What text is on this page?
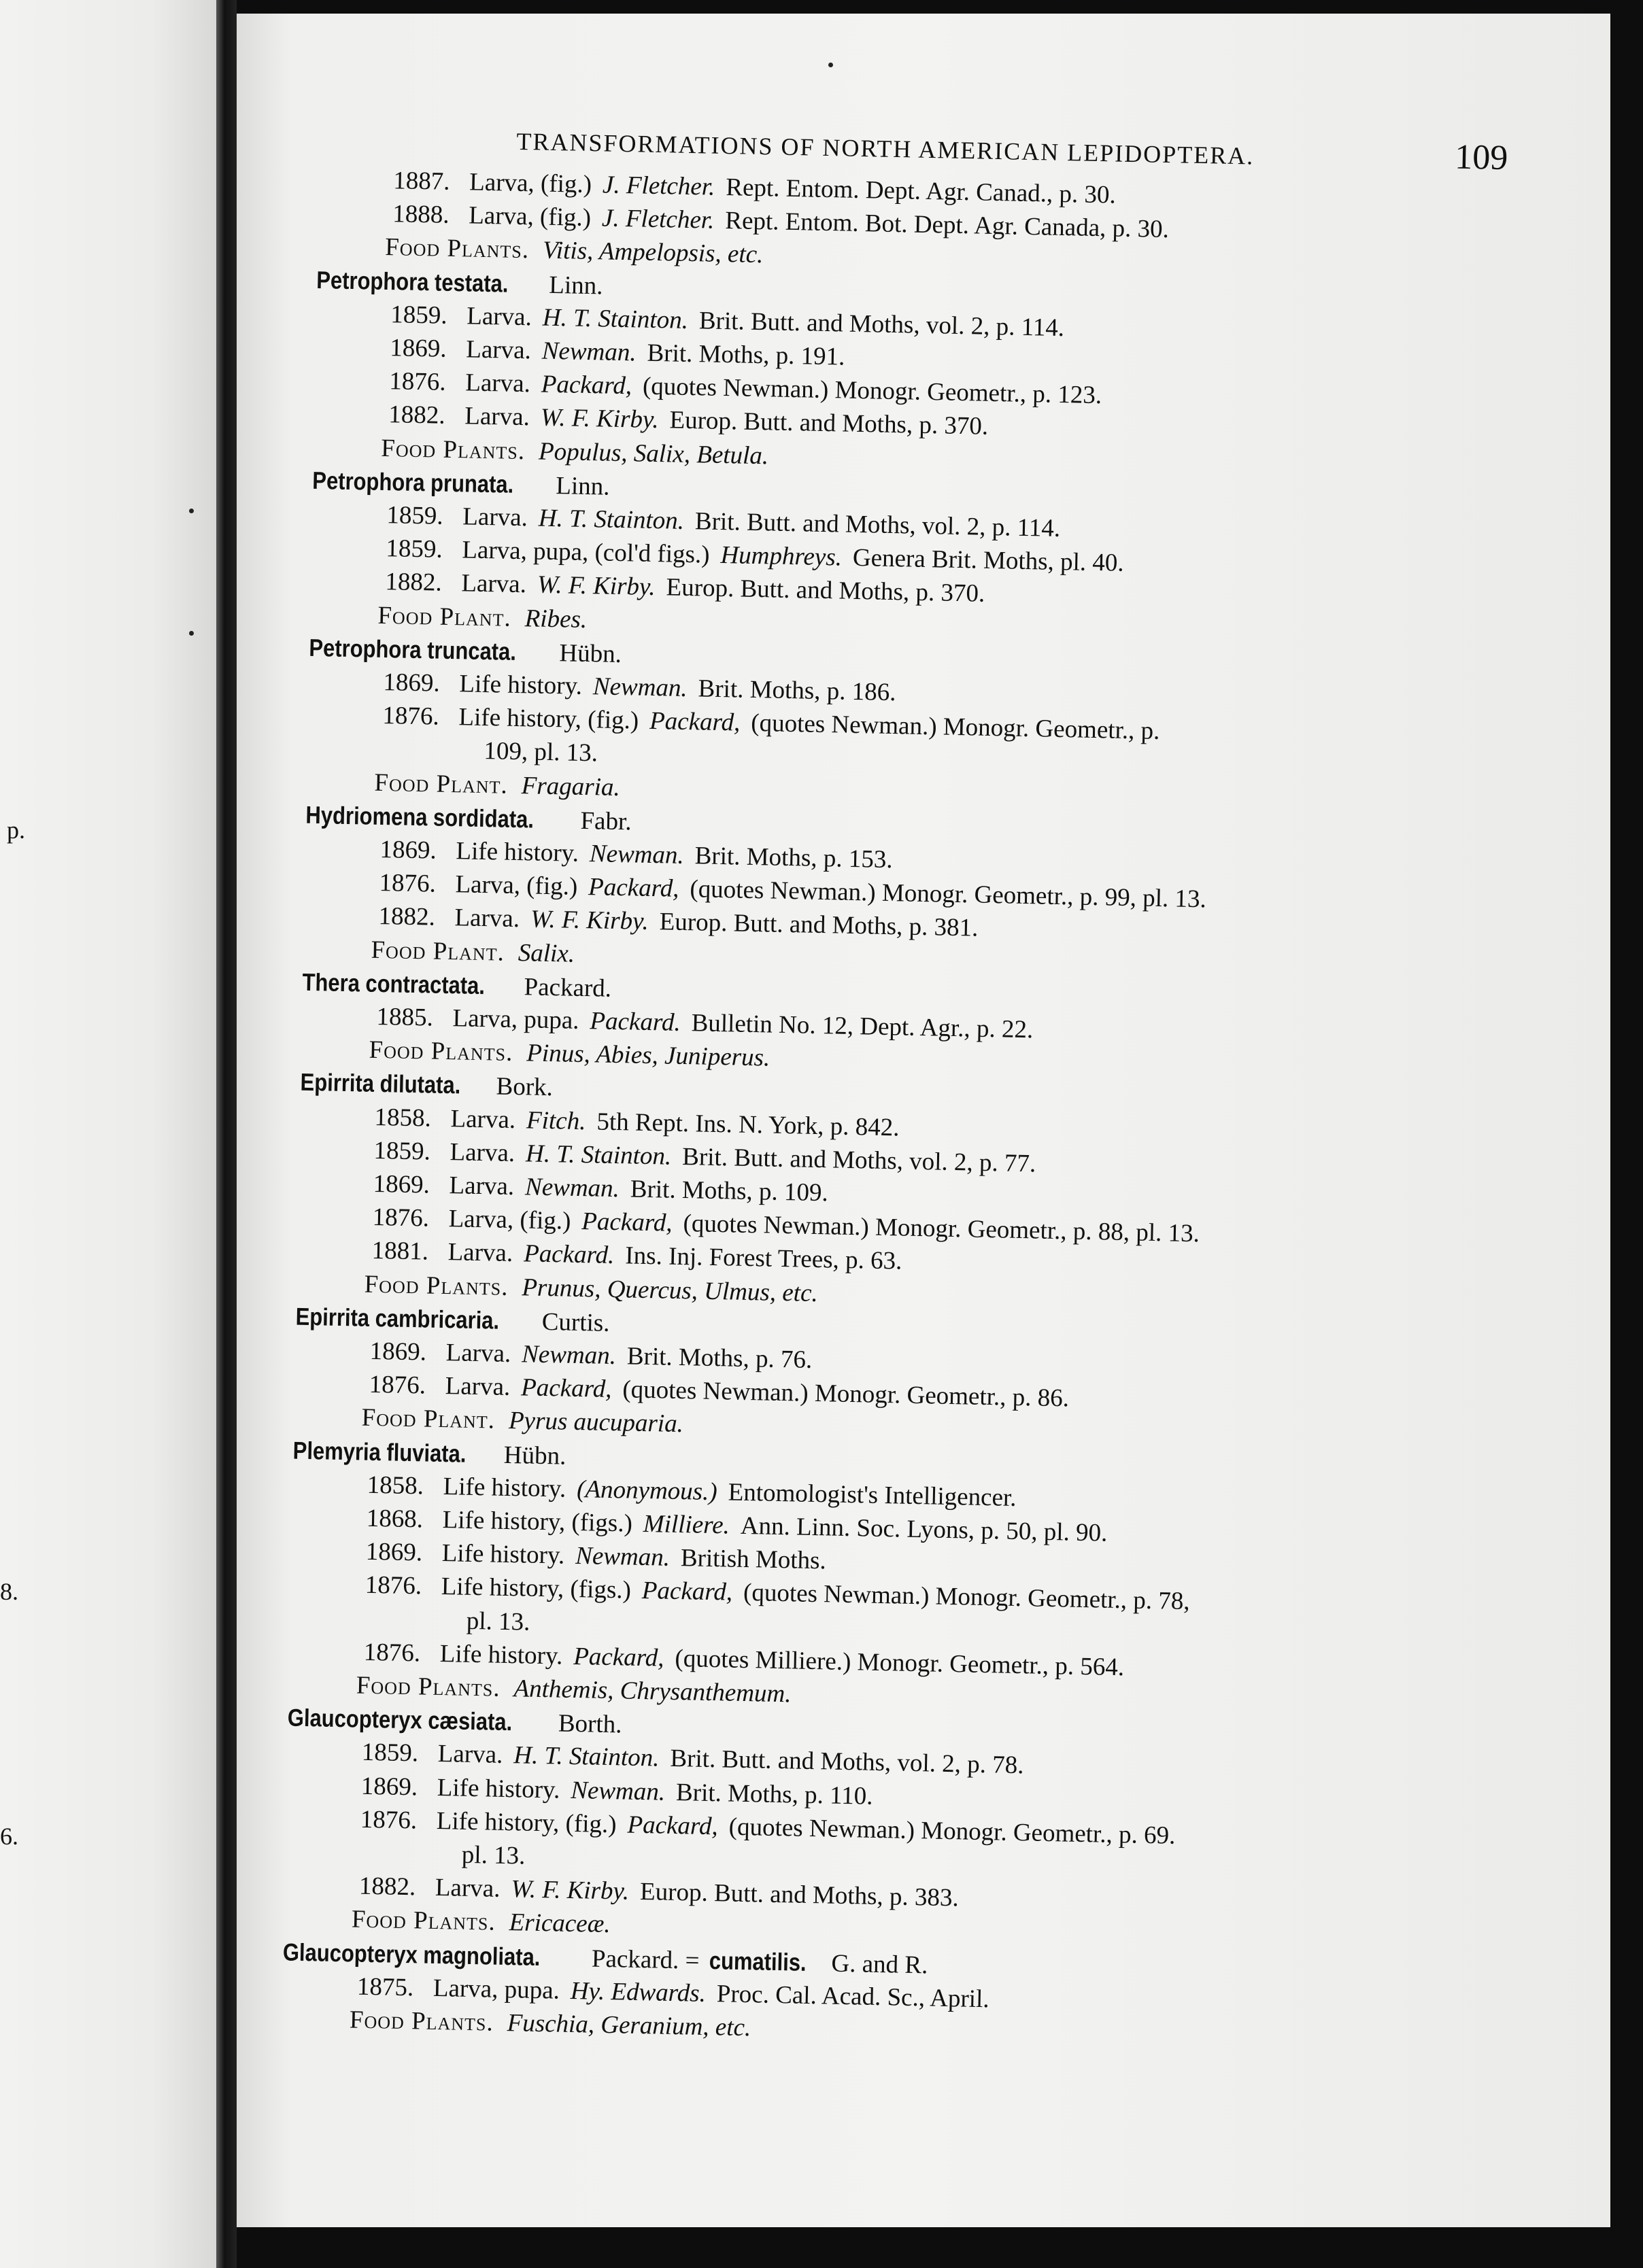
p.
8.
6.
TRANSFORMATIONS OF NORTH AMERICAN LEPIDOPTERA.	109
1887. Larva, (fig.) J. Fletcher. Rept. Entom. Dept. Agr. Canad., p. 30.
1888. Larva, (fig.) J. Fletcher. Rept. Entom. Bot. Dept. Agr. Canada, p. 30.
Food Plants. Vitis, Ampelopsis, etc.
Petrophora testata. Linn.
1859. Larva. H. T. Stainton. Brit. Butt. and Moths, vol. 2, p. 114.
1869. Larva. Newman. Brit. Moths, p. 191.
1876. Larva. Packard, (quotes Newman.) Monogr. Geometr., p. 123.
1882. Larva. W. F. Kirby. Europ. Butt. and Moths, p. 370.
Food Plants. Populus, Salix, Betula.
Petrophora prunata. Linn.
1859. Larva. H. T. Stainton. Brit. Butt. and Moths, vol. 2, p. 114.
1859. Larva, pupa, (col'd figs.) Humphreys. Genera Brit. Moths, pl. 40.
1882. Larva. W. F. Kirby. Europ. Butt. and Moths, p. 370.
Food Plant. Ribes.
Petrophora truncata. Hübn.
1869. Life history. Newman. Brit. Moths, p. 186.
1876. Life history, (fig.) Packard, (quotes Newman.) Monogr. Geometr., p.
109, pl. 13.
Food Plant. Fragaria.
Hydriomena sordidata. Fabr.
1869. Life history. Newman. Brit. Moths, p. 153.
1876. Larva, (fig.) Packard, (quotes Newman.) Monogr. Geometr., p. 99, pl. 13.
1882. Larva. W. F. Kirby. Europ. Butt. and Moths, p. 381.
Food Plant. Salix.
Thera contractata. Packard.
1885. Larva, pupa. Packard. Bulletin No. 12, Dept. Agr., p. 22.
Food Plants. Pinus, Abies, Juniperus.
Epirrita dilutata. Bork.
1858. Larva. Fitch. 5th Rept. Ins. N. York, p. 842.
1859. Larva. H. T. Stainton. Brit. Butt. and Moths, vol. 2, p. 77.
1869. Larva. Newman. Brit. Moths, p. 109.
1876. Larva, (fig.) Packard, (quotes Newman.) Monogr. Geometr., p. 88, pl. 13.
1881. Larva. Packard. Ins. Inj. Forest Trees, p. 63.
Food Plants. Prunus, Quercus, Ulmus, etc.
Epirrita cambricaria. Curtis.
1869. Larva. Newman. Brit. Moths, p. 76.
1876. Larva. Packard, (quotes Newman.) Monogr. Geometr., p. 86.
Food Plant. Pyrus aucuparia.
Plemyria fluviata. Hübn.
1858. Life history. (Anonymous.) Entomologist's Intelligencer.
1868. Life history, (figs.) Milliere. Ann. Linn. Soc. Lyons, p. 50, pl. 90.
1869. Life history. Newman. British Moths.
1876. Life history, (figs.) Packard, (quotes Newman.) Monogr. Geometr., p. 78,
pl. 13.
1876. Life history. Packard, (quotes Milliere.) Monogr. Geometr., p. 564.
Food Plants. Anthemis, Chrysanthemum.
Glaucopteryx cæsiata. Borth.
1859. Larva. H. T. Stainton. Brit. Butt. and Moths, vol. 2, p. 78.
1869. Life history. Newman. Brit. Moths, p. 110.
1876. Life history, (fig.) Packard, (quotes Newman.) Monogr. Geometr., p. 69.
pl. 13.
1882. Larva. W. F. Kirby. Europ. Butt. and Moths, p. 383.
Food Plants. Ericaceæ.
Glaucopteryx magnoliata. Packard. = cumatilis. G. and R.
1875. Larva, pupa. Hy. Edwards. Proc. Cal. Acad. Sc., April.
Food Plants. Fuschia, Geranium, etc.
